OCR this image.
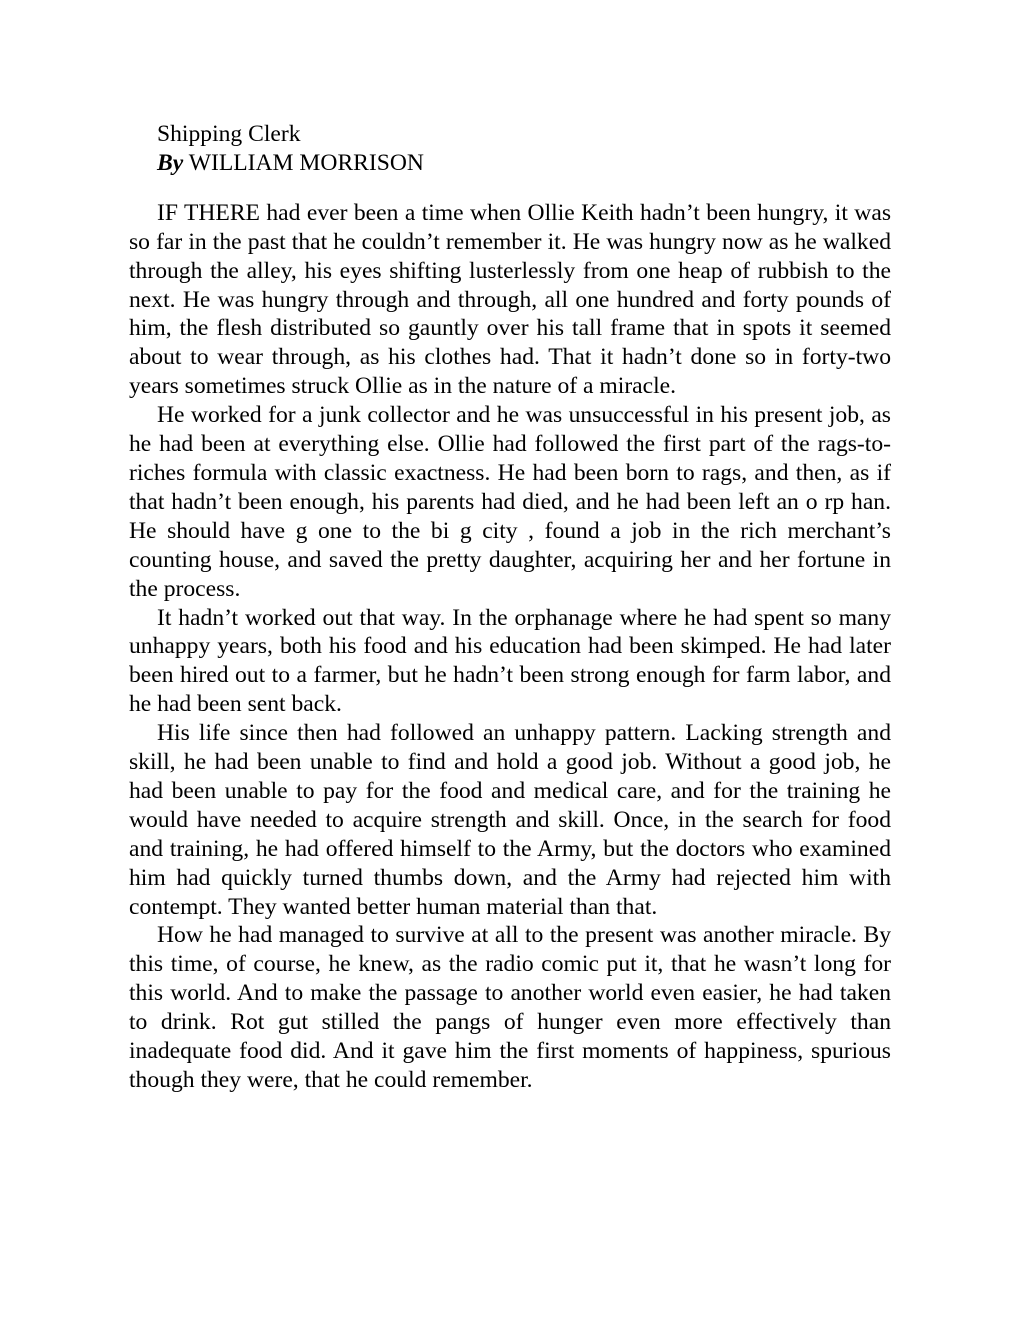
Shipping Clerk
By WILLIAM MORRISON

IF THERE had ever been a time when Ollie Keith hadn’t been hungry, it was so far in the past that he couldn’t remember it. He was hungry now as he walked through the alley, his eyes shifting lusterlessly from one heap of rubbish to the next. He was hungry through and through, all one hundred and forty pounds of him, the flesh distributed so gauntly over his tall frame that in spots it seemed about to wear through, as his clothes had. That it hadn’t done so in forty-two years sometimes struck Ollie as in the nature of a miracle.

He worked for a junk collector and he was unsuccessful in his present job, as he had been at everything else. Ollie had followed the first part of the rags-to-riches formula with classic exactness. He had been born to rags, and then, as if that hadn’t been enough, his parents had died, and he had been left an o rp han. He should have g one to the bi g city , found a job in the rich merchant’s counting house, and saved the pretty daughter, acquiring her and her fortune in the process.

It hadn’t worked out that way. In the orphanage where he had spent so many unhappy years, both his food and his education had been skimped. He had later been hired out to a farmer, but he hadn’t been strong enough for farm labor, and he had been sent back.

His life since then had followed an unhappy pattern. Lacking strength and skill, he had been unable to find and hold a good job. Without a good job, he had been unable to pay for the food and medical care, and for the training he would have needed to acquire strength and skill. Once, in the search for food and training, he had offered himself to the Army, but the doctors who examined him had quickly turned thumbs down, and the Army had rejected him with contempt. They wanted better human material than that.

How he had managed to survive at all to the present was another miracle. By this time, of course, he knew, as the radio comic put it, that he wasn’t long for this world. And to make the passage to another world even easier, he had taken to drink. Rot gut stilled the pangs of hunger even more effectively than inadequate food did. And it gave him the first moments of happiness, spurious though they were, that he could remember.
